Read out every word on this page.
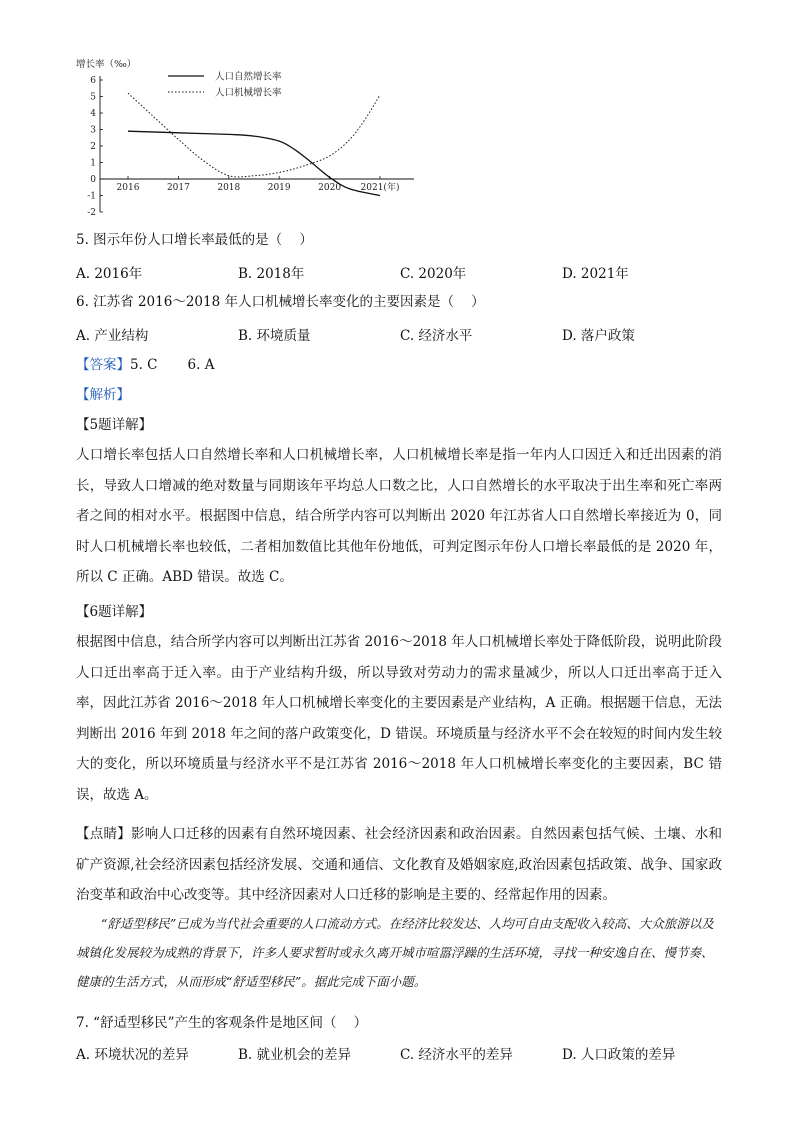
增长率（‰）
6
5
4
3
2
1
0
-1
-2
2016	2017	2018	2019	2020 2021(年)
人口自然增长率
人口机械增长率
5. 图示年份人口增长率最低的是（    ）
A. 2016年	B. 2018年	C. 2020年	D. 2021年
6. 江苏省 2016～2018 年人口机械增长率变化的主要因素是（    ）
A. 产业结构	B. 环境质量	C. 经济水平	D. 落户政策
【答案】5. C       6. A
【解析】
【5题详解】
人口增长率包括人口自然增长率和人口机械增长率，人口机械增长率是指一年内人口因迁入和迁出因素的消长，导致人口增减的绝对数量与同期该年平均总人口数之比，人口自然增长的水平取决于出生率和死亡率两者之间的相对水平。根据图中信息，结合所学内容可以判断出 2020 年江苏省人口自然增长率接近为 0，同时人口机械增长率也较低，二者相加数值比其他年份地低，可判定图示年份人口增长率最低的是 2020 年，所以 C 正确。ABD 错误。故选 C。
【6题详解】
根据图中信息，结合所学内容可以判断出江苏省 2016～2018 年人口机械增长率处于降低阶段，说明此阶段人口迁出率高于迁入率。由于产业结构升级，所以导致对劳动力的需求量减少，所以人口迁出率高于迁入率，因此江苏省 2016～2018 年人口机械增长率变化的主要因素是产业结构，A 正确。根据题干信息，无法判断出 2016 年到 2018 年之间的落户政策变化，D 错误。环境质量与经济水平不会在较短的时间内发生较大的变化，所以环境质量与经济水平不是江苏省 2016～2018 年人口机械增长率变化的主要因素，BC 错误，故选 A。
【点睛】影响人口迁移的因素有自然环境因素、社会经济因素和政治因素。自然因素包括气候、土壤、水和矿产资源,社会经济因素包括经济发展、交通和通信、文化教育及婚姻家庭,政治因素包括政策、战争、国家政治变革和政治中心改变等。其中经济因素对人口迁移的影响是主要的、经常起作用的因素。
“舒适型移民”已成为当代社会重要的人口流动方式。在经济比较发达、人均可自由支配收入较高、大众旅游以及城镇化发展较为成熟的背景下，许多人要求暂时或永久离开城市喧嚣浮躁的生活环境，寻找一种安逸自在、慢节奏、健康的生活方式，从而形成“舒适型移民”。据此完成下面小题。
7. “舒适型移民”产生的客观条件是地区间（    ）
A. 环境状况的差异	B. 就业机会的差异	C. 经济水平的差异	D. 人口政策的差异
